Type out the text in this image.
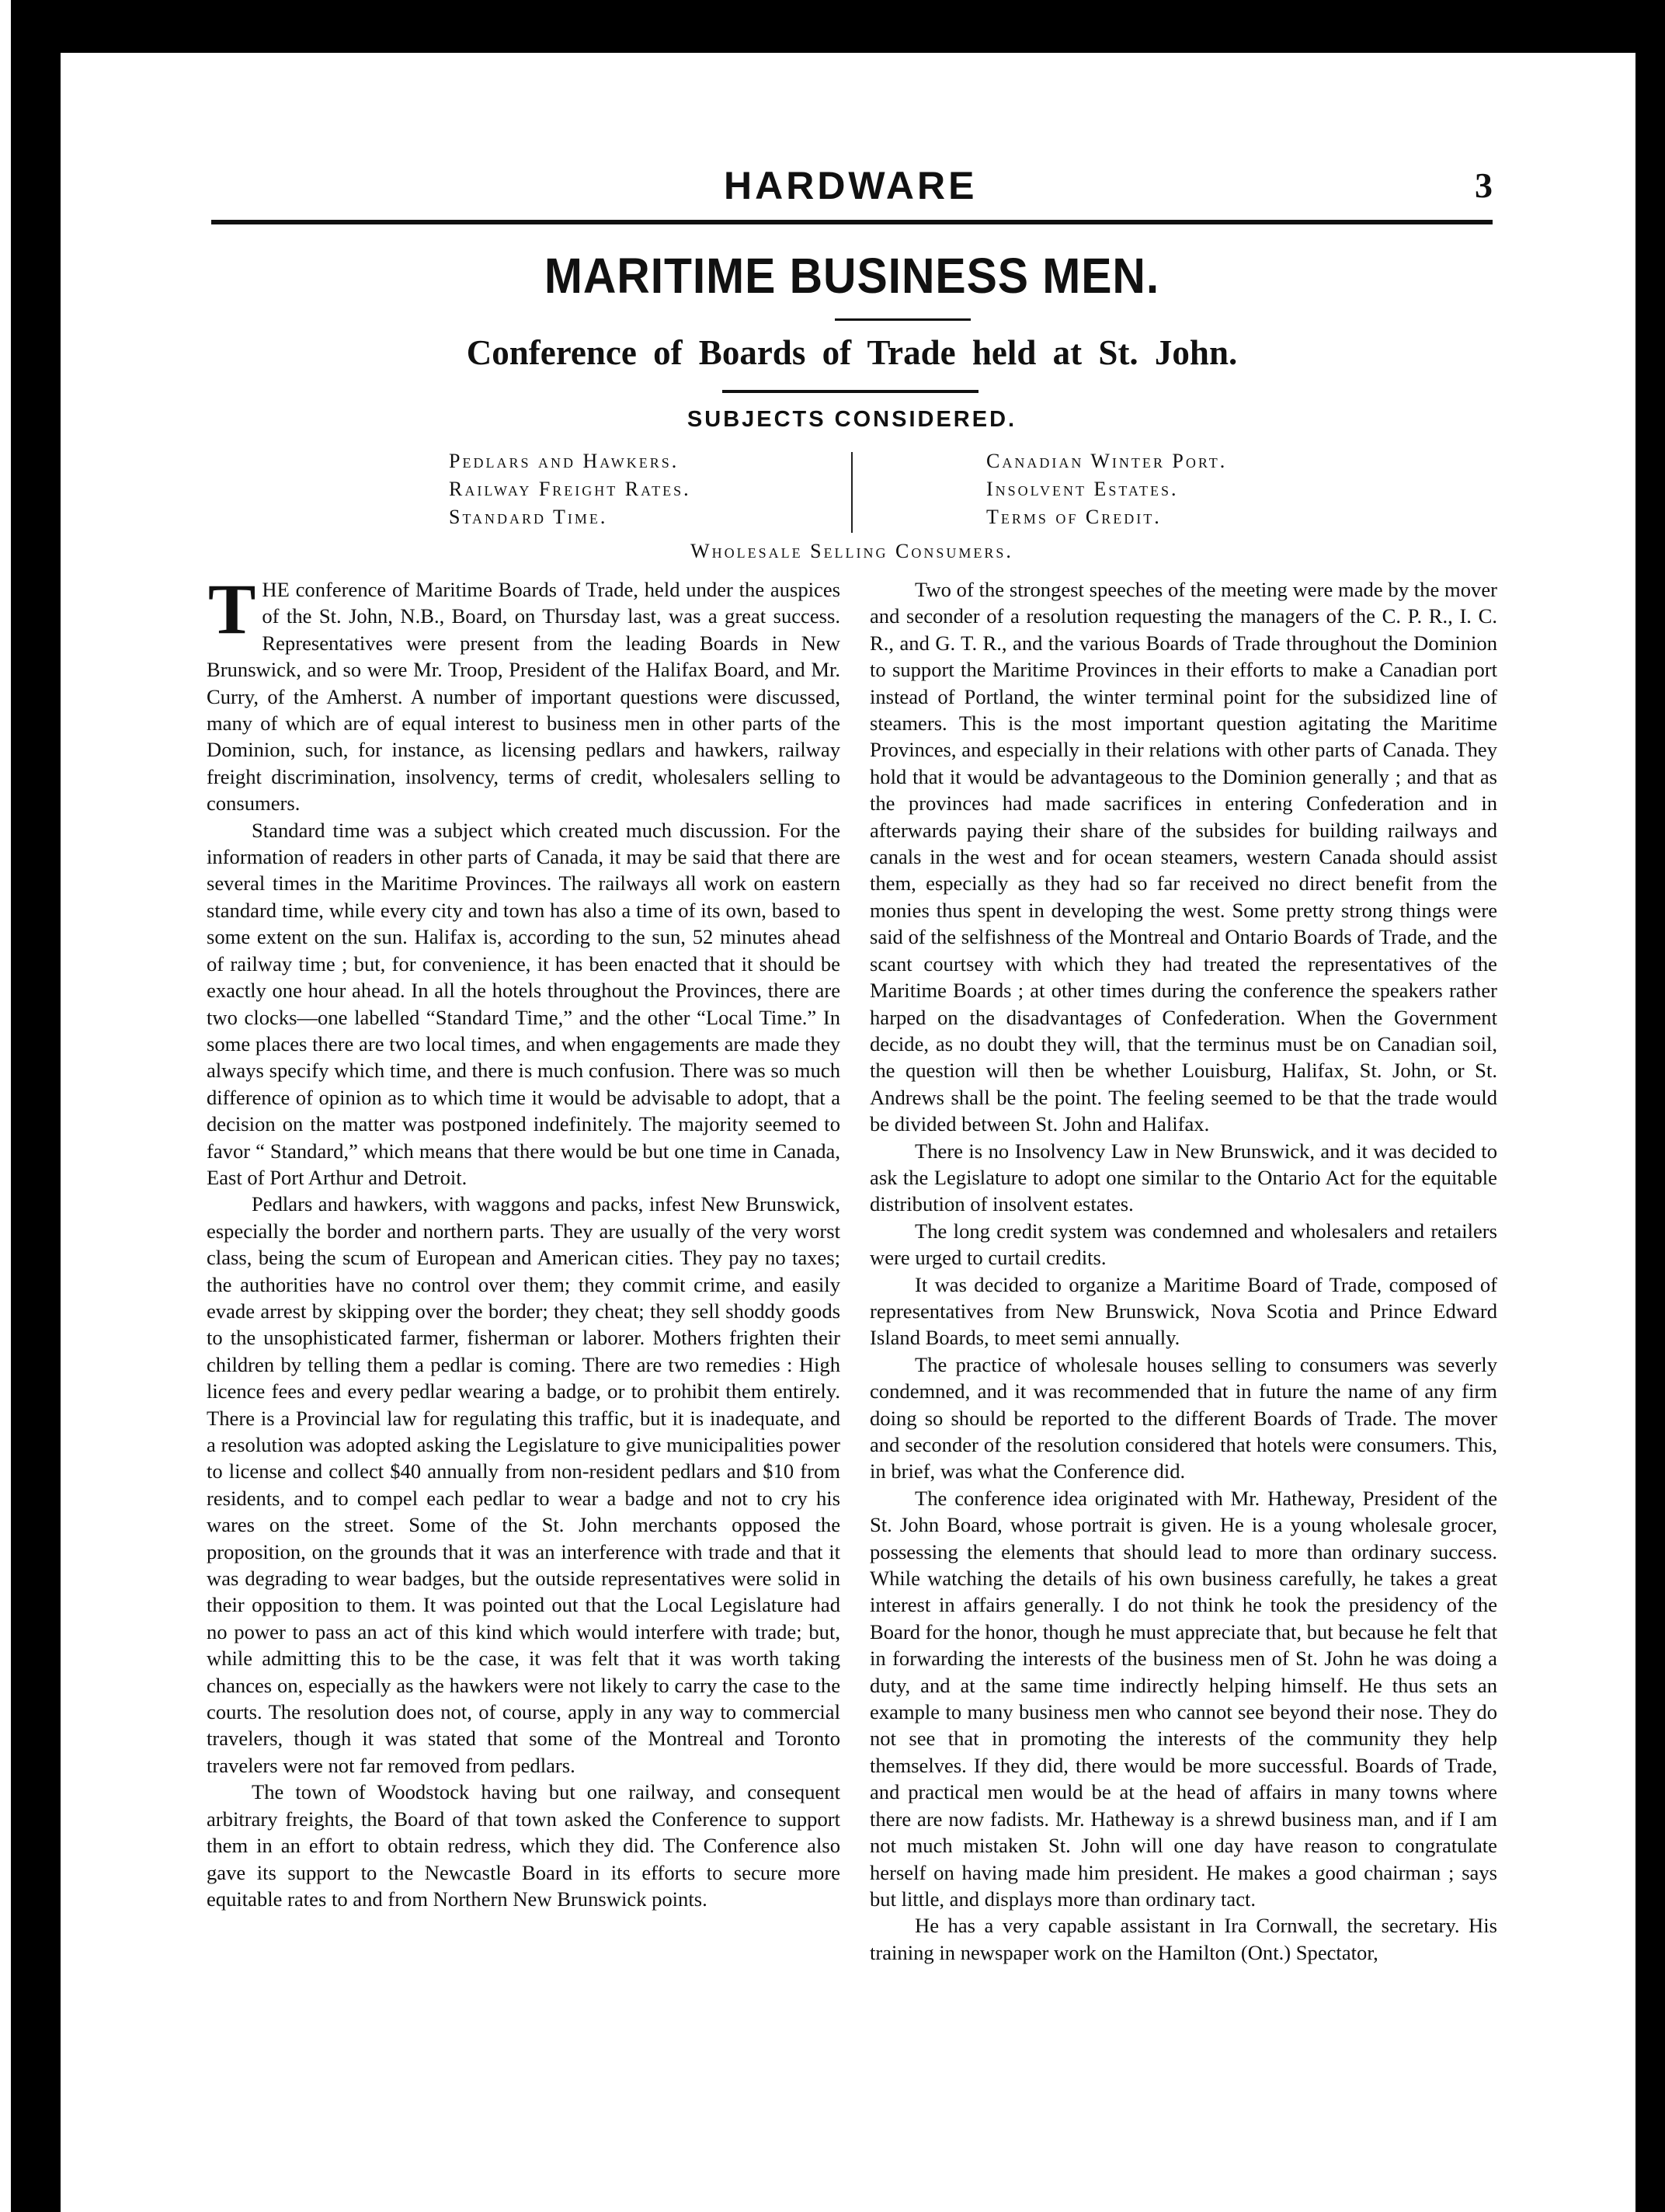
HARDWARE	3
MARITIME BUSINESS MEN.
Conference of Boards of Trade held at St. John.
SUBJECTS CONSIDERED.
Pedlars and Hawkers.
Railway Freight Rates.
Standard Time.
Canadian Winter Port.
Insolvent Estates.
Terms of Credit.
Wholesale Selling Consumers.

THE conference of Maritime Boards of Trade, held under the auspices of the St. John, N.B., Board, on Thursday last, was a great success. Representatives were present from the leading Boards in New Brunswick, and so were Mr. Troop, President of the Halifax Board, and Mr. Curry, of the Amherst. A number of important questions were discussed, many of which are of equal interest to business men in other parts of the Dominion, such, for instance, as licensing pedlars and hawkers, railway freight discrimination, insolvency, terms of credit, wholesalers selling to consumers.

Standard time was a subject which created much discussion. For the information of readers in other parts of Canada, it may be said that there are several times in the Maritime Provinces. The railways all work on eastern standard time, while every city and town has also a time of its own, based to some extent on the sun. Halifax is, according to the sun, 52 minutes ahead of railway time ; but, for convenience, it has been enacted that it should be exactly one hour ahead. In all the hotels throughout the Provinces, there are two clocks—one labelled “Standard Time,” and the other “Local Time.” In some places there are two local times, and when engagements are made they always specify which time, and there is much confusion. There was so much difference of opinion as to which time it would be advisable to adopt, that a decision on the matter was postponed indefinitely. The majority seemed to favor “ Standard,” which means that there would be but one time in Canada, East of Port Arthur and Detroit.

Pedlars and hawkers, with waggons and packs, infest New Brunswick, especially the border and northern parts. They are usually of the very worst class, being the scum of European and American cities. They pay no taxes; the authorities have no control over them; they commit crime, and easily evade arrest by skipping over the border; they cheat; they sell shoddy goods to the unsophisticated farmer, fisherman or laborer. Mothers frighten their children by telling them a pedlar is coming. There are two remedies : High licence fees and every pedlar wearing a badge, or to prohibit them entirely. There is a Provincial law for regulating this traffic, but it is inadequate, and a resolution was adopted asking the Legislature to give municipalities power to license and collect $40 annually from non-resident pedlars and $10 from residents, and to compel each pedlar to wear a badge and not to cry his wares on the street. Some of the St. John merchants opposed the proposition, on the grounds that it was an interference with trade and that it was degrading to wear badges, but the outside representatives were solid in their opposition to them. It was pointed out that the Local Legislature had no power to pass an act of this kind which would interfere with trade; but, while admitting this to be the case, it was felt that it was worth taking chances on, especially as the hawkers were not likely to carry the case to the courts. The resolution does not, of course, apply in any way to commercial travelers, though it was stated that some of the Montreal and Toronto travelers were not far removed from pedlars.

The town of Woodstock having but one railway, and consequent arbitrary freights, the Board of that town asked the Conference to support them in an effort to obtain redress, which they did. The Conference also gave its support to the Newcastle Board in its efforts to secure more equitable rates to and from Northern New Brunswick points.

Two of the strongest speeches of the meeting were made by the mover and seconder of a resolution requesting the managers of the C. P. R., I. C. R., and G. T. R., and the various Boards of Trade throughout the Dominion to support the Maritime Provinces in their efforts to make a Canadian port instead of Portland, the winter terminal point for the subsidized line of steamers. This is the most important question agitating the Maritime Provinces, and especially in their relations with other parts of Canada. They hold that it would be advantageous to the Dominion generally ; and that as the provinces had made sacrifices in entering Confederation and in afterwards paying their share of the subsides for building railways and canals in the west and for ocean steamers, western Canada should assist them, especially as they had so far received no direct benefit from the monies thus spent in developing the west. Some pretty strong things were said of the selfishness of the Montreal and Ontario Boards of Trade, and the scant courtsey with which they had treated the representatives of the Maritime Boards ; at other times during the conference the speakers rather harped on the disadvantages of Confederation. When the Government decide, as no doubt they will, that the terminus must be on Canadian soil, the question will then be whether Louisburg, Halifax, St. John, or St. Andrews shall be the point. The feeling seemed to be that the trade would be divided between St. John and Halifax.

There is no Insolvency Law in New Brunswick, and it was decided to ask the Legislature to adopt one similar to the Ontario Act for the equitable distribution of insolvent estates.

The long credit system was condemned and wholesalers and retailers were urged to curtail credits.

It was decided to organize a Maritime Board of Trade, composed of representatives from New Brunswick, Nova Scotia and Prince Edward Island Boards, to meet semi annually.

The practice of wholesale houses selling to consumers was severly condemned, and it was recommended that in future the name of any firm doing so should be reported to the different Boards of Trade. The mover and seconder of the resolution considered that hotels were consumers. This, in brief, was what the Conference did.

The conference idea originated with Mr. Hatheway, President of the St. John Board, whose portrait is given. He is a young wholesale grocer, possessing the elements that should lead to more than ordinary success. While watching the details of his own business carefully, he takes a great interest in affairs generally. I do not think he took the presidency of the Board for the honor, though he must appreciate that, but because he felt that in forwarding the interests of the business men of St. John he was doing a duty, and at the same time indirectly helping himself. He thus sets an example to many business men who cannot see beyond their nose. They do not see that in promoting the interests of the community they help themselves. If they did, there would be more successful. Boards of Trade, and practical men would be at the head of affairs in many towns where there are now fadists. Mr. Hatheway is a shrewd business man, and if I am not much mistaken St. John will one day have reason to congratulate herself on having made him president. He makes a good chairman ; says but little, and displays more than ordinary tact.

He has a very capable assistant in Ira Cornwall, the secretary. His training in newspaper work on the Hamilton (Ont.) Spectator,
